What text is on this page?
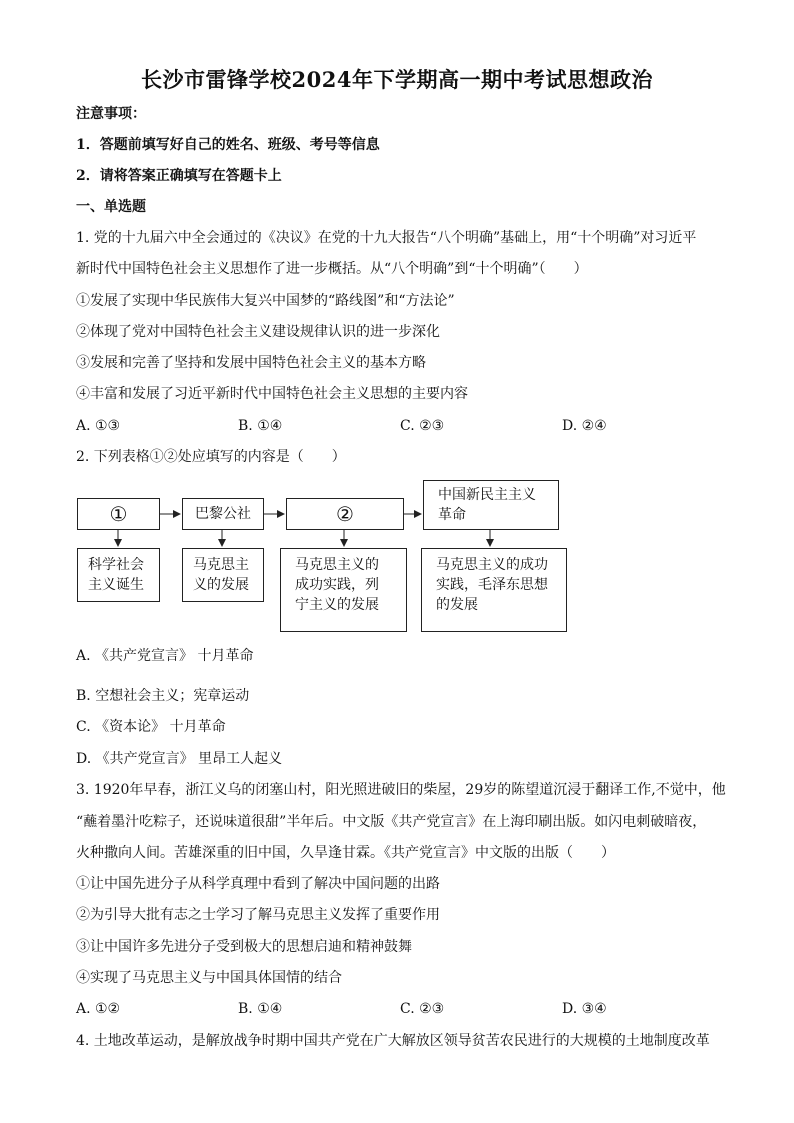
长沙市雷锋学校2024年下学期高一期中考试思想政治
注意事项：
1．答题前填写好自己的姓名、班级、考号等信息
2．请将答案正确填写在答题卡上
一、单选题
1. 党的十九届六中全会通过的《决议》在党的十九大报告“八个明确”基础上，用“十个明确”对习近平
新时代中国特色社会主义思想作了进一步概括。从“八个明确”到“十个明确”（　　）
①发展了实现中华民族伟大复兴中国梦的“路线图”和“方法论”
②体现了党对中国特色社会主义建设规律认识的进一步深化
③发展和完善了坚持和发展中国特色社会主义的基本方略
④丰富和发展了习近平新时代中国特色社会主义思想的主要内容
A. ①③	B. ①④	C. ②③	D. ②④
2. 下列表格①②处应填写的内容是（　　）
①	巴黎公社	②
中国新民主主义革命
科学社会主义诞生
马克思主义的发展
马克思主义的成功实践，列宁主义的发展
马克思主义的成功实践，毛泽东思想的发展
A. 《共产党宣言》 十月革命
B. 空想社会主义；宪章运动
C. 《资本论》 十月革命
D. 《共产党宣言》 里昂工人起义
3. 1920年早春，浙江义乌的闭塞山村，阳光照进破旧的柴屋，29岁的陈望道沉浸于翻译工作,不觉中，他
“蘸着墨汁吃粽子，还说味道很甜”半年后。中文版《共产党宣言》在上海印刷出版。如闪电刺破暗夜，
火种撒向人间。苦雄深重的旧中国，久旱逢甘霖。《共产党宣言》中文版的出版（　　）
①让中国先进分子从科学真理中看到了解决中国问题的出路
②为引导大批有志之士学习了解马克思主义发挥了重要作用
③让中国许多先进分子受到极大的思想启迪和精神鼓舞
④实现了马克思主义与中国具体国情的结合
A. ①②	B. ①④	C. ②③	D. ③④
4. 土地改革运动，是解放战争时期中国共产党在广大解放区领导贫苦农民进行的大规模的土地制度改革
